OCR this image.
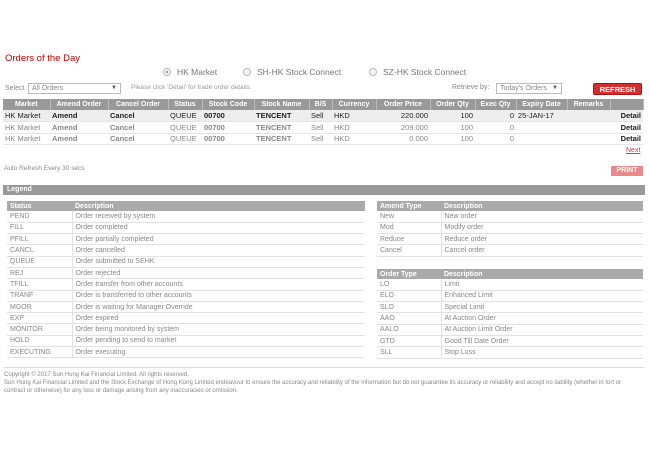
Orders of the Day
HK Market	SH-HK Stock Connect	SZ-HK Stock Connect
Select	All Orders	▼ Please click 'Detail' for trade order details.	Retrieve by:	Today's Orders ▼	REFRESH
Market	Amend Order	Cancel Order	Status	Stock Code	Stock Name	B/S	Currency	Order Price	Order Qty	Exec Qty	Expiry Date	Remarks	
HK Market	Amend	Cancel	QUEUE	00700	TENCENT	Sell	HKD	220.000	100	0	25-JAN-17		Detail
HK Market	Amend	Cancel	QUEUE	00700	TENCENT	Sell	HKD	209.000	100	0			Detail
HK Market	Amend	Cancel	QUEUE	00700	TENCENT	Sell	HKD	0.000	100	0			Detail
Next
Auto Refresh Every 30 secs	PRINT
Legend
Status	Description
PEND	Order received by system
FILL	Order completed
PFILL	Order partially completed
CANCL	Order cancelled
QUEUE	Order submitted to SEHK
REJ	Order rejected
TFILL	Order transfer from other accounts
TRANF	Order is transferred to other accounts
MGOR	Order is waiting for Manager Override
EXP	Order expired
MONITOR	Order being monitored by system
HOLD	Order pending to send to market
EXECUTING	Order executing
Amend Type	Description
New	New order
Mod	Modify order
Reduce	Reduce order
Cancel	Cancel order
Order Type	Description
LO	Limit
ELO	Enhanced Limit
SLO	Special Limit
AAO	At Auction Order
AALO	At Auction Limit Order
GTD	Good Till Date Order
SLL	Stop Loss
Copyright © 2017 Sun Hung Kai Financial Limited. All rights reserved.
Sun Hung Kai Financial Limited and the Stock Exchange of Hong Kong Limited endeavour to ensure the accuracy and reliability of the information but do not guarantee its accuracy or reliability and accept no liability (whether in tort or contract or otherwise) for any loss or damage arising from any inaccuracies or omission.
